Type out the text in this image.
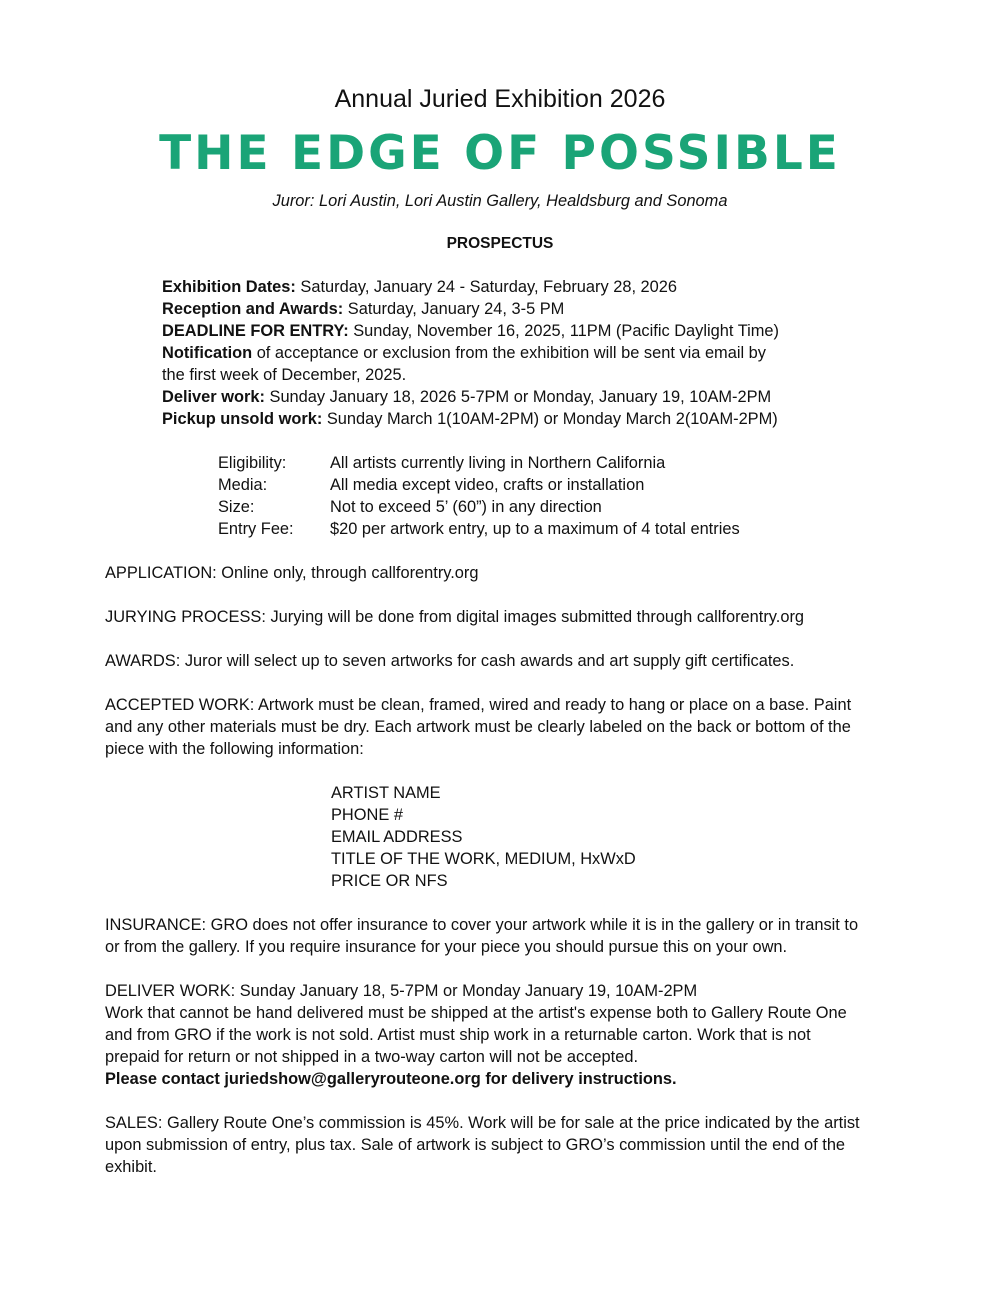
Annual Juried Exhibition 2026
THE EDGE OF POSSIBLE
Juror: Lori Austin, Lori Austin Gallery, Healdsburg and Sonoma
PROSPECTUS
Exhibition Dates: Saturday, January 24 - Saturday, February 28, 2026
Reception and Awards: Saturday, January 24, 3-5 PM
DEADLINE FOR ENTRY: Sunday, November 16, 2025, 11PM (Pacific Daylight Time)
Notification of acceptance or exclusion from the exhibition will be sent via email by
the first week of December, 2025.
Deliver work: Sunday January 18, 2026 5-7PM or Monday, January 19, 10AM-2PM
Pickup unsold work: Sunday March 1(10AM-2PM) or Monday March 2(10AM-2PM)
Eligibility:	All artists currently living in Northern California
Media:	All media except video, crafts or installation
Size:	Not to exceed 5’ (60”) in any direction
Entry Fee:	$20 per artwork entry, up to a maximum of 4 total entries
APPLICATION: Online only, through callforentry.org
JURYING PROCESS: Jurying will be done from digital images submitted through callforentry.org
AWARDS: Juror will select up to seven artworks for cash awards and art supply gift certificates.
ACCEPTED WORK: Artwork must be clean, framed, wired and ready to hang or place on a base. Paint
and any other materials must be dry. Each artwork must be clearly labeled on the back or bottom of the
piece with the following information:
ARTIST NAME
PHONE #
EMAIL ADDRESS
TITLE OF THE WORK, MEDIUM, HxWxD
PRICE OR NFS
INSURANCE: GRO does not offer insurance to cover your artwork while it is in the gallery or in transit to
or from the gallery. If you require insurance for your piece you should pursue this on your own.
DELIVER WORK: Sunday January 18, 5-7PM or Monday January 19, 10AM-2PM
Work that cannot be hand delivered must be shipped at the artist's expense both to Gallery Route One
and from GRO if the work is not sold. Artist must ship work in a returnable carton. Work that is not
prepaid for return or not shipped in a two-way carton will not be accepted.
Please contact juriedshow@galleryrouteone.org for delivery instructions.
SALES: Gallery Route One’s commission is 45%. Work will be for sale at the price indicated by the artist
upon submission of entry, plus tax. Sale of artwork is subject to GRO’s commission until the end of the
exhibit.
